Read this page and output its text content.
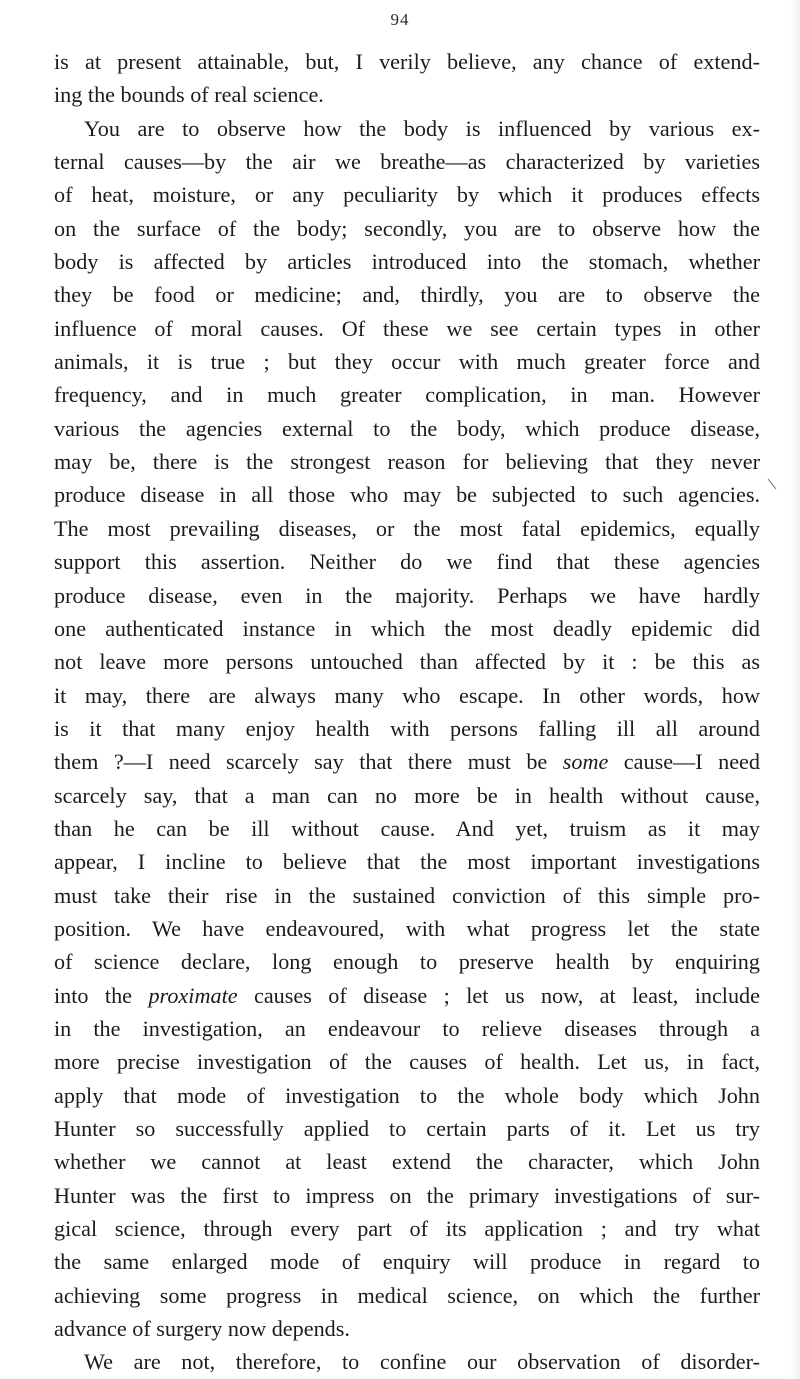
94
is at present attainable, but, I verily believe, any chance of extend-
ing the bounds of real science.
You are to observe how the body is influenced by various ex-
ternal causes—by the air we breathe—as characterized by varieties
of heat, moisture, or any peculiarity by which it produces effects
on the surface of the body; secondly, you are to observe how the
body is affected by articles introduced into the stomach, whether
they be food or medicine; and, thirdly, you are to observe the
influence of moral causes. Of these we see certain types in other
animals, it is true ; but they occur with much greater force and
frequency, and in much greater complication, in man. However
various the agencies external to the body, which produce disease,
may be, there is the strongest reason for believing that they never
produce disease in all those who may be subjected to such agencies.
The most prevailing diseases, or the most fatal epidemics, equally
support this assertion. Neither do we find that these agencies
produce disease, even in the majority. Perhaps we have hardly
one authenticated instance in which the most deadly epidemic did
not leave more persons untouched than affected by it : be this as
it may, there are always many who escape. In other words, how
is it that many enjoy health with persons falling ill all around
them ?—I need scarcely say that there must be some cause—I need
scarcely say, that a man can no more be in health without cause,
than he can be ill without cause. And yet, truism as it may
appear, I incline to believe that the most important investigations
must take their rise in the sustained conviction of this simple pro-
position. We have endeavoured, with what progress let the state
of science declare, long enough to preserve health by enquiring
into the proximate causes of disease ; let us now, at least, include
in the investigation, an endeavour to relieve diseases through a
more precise investigation of the causes of health. Let us, in fact,
apply that mode of investigation to the whole body which John
Hunter so successfully applied to certain parts of it. Let us try
whether we cannot at least extend the character, which John
Hunter was the first to impress on the primary investigations of sur-
gical science, through every part of its application ; and try what
the same enlarged mode of enquiry will produce in regard to
achieving some progress in medical science, on which the further
advance of surgery now depends.
We are not, therefore, to confine our observation of disorder-
